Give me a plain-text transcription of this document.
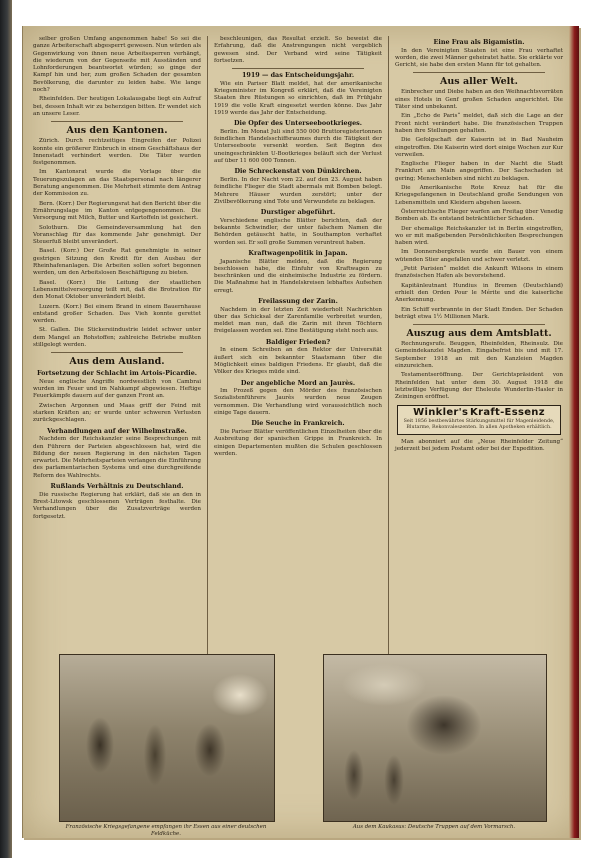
selber großen Umfang angenommen habe! So sei die ganze Arbeiterschaft abgesperrt gewesen. Nun würden als Gegenwirkung von ihnen neue Arbeitssperren verhängt, die wiederum von der Gegenseite mit Ausständen und Lohnforderungen beantwortet würden; so ginge der Kampf hin und her, zum großen Schaden der gesamten Bevölkerung, die darunter zu leiden habe. Wie lange noch?

Rheinfelden. Der heutigen Lokalausgabe liegt ein Aufruf bei, dessen Inhalt wir zu beherzigen bitten. Er wendet sich an unsere Leser.

Aus den Kantonen.

Zürich. Durch rechtzeitiges Eingreifen der Polizei konnte ein größerer Einbruch in einem Geschäftshaus der Innenstadt verhindert werden. Die Täter wurden festgenommen.

Im Kantonsrat wurde die Vorlage über die Teuerungszulagen an das Staatspersonal nach längerer Beratung angenommen. Die Mehrheit stimmte dem Antrag der Kommission zu.

Bern. (Korr.) Der Regierungsrat hat den Bericht über die Ernährungslage im Kanton entgegengenommen. Die Versorgung mit Milch, Butter und Kartoffeln ist gesichert.

Solothurn. Die Gemeindeversammlung hat den Voranschlag für das kommende Jahr genehmigt. Der Steuerfuß bleibt unverändert.

Basel. (Korr.) Der Große Rat genehmigte in seiner gestrigen Sitzung den Kredit für den Ausbau der Rheinhafenanlagen. Die Arbeiten sollen sofort begonnen werden, um den Arbeitslosen Beschäftigung zu bieten.

Basel. (Korr.) Die Leitung der staatlichen Lebensmittelversorgung teilt mit, daß die Brotration für den Monat Oktober unverändert bleibt.

Luzern. (Korr.) Bei einem Brand in einem Bauernhause entstand großer Schaden. Das Vieh konnte gerettet werden.

St. Gallen. Die Stickereiindustrie leidet schwer unter dem Mangel an Rohstoffen; zahlreiche Betriebe mußten stillgelegt werden.

Aus dem Ausland.
Fortsetzung der Schlacht im Artois-Picardie.

Neue englische Angriffe nordwestlich von Cambrai wurden im Feuer und im Nahkampf abgewiesen. Heftige Feuerkämpfe dauern auf der ganzen Front an.

Zwischen Argonnen und Maas griff der Feind mit starken Kräften an; er wurde unter schweren Verlusten zurückgeschlagen.

Verhandlungen auf der Wilhelmstraße.

Nachdem der Reichskanzler seine Besprechungen mit den Führern der Parteien abgeschlossen hat, wird die Bildung der neuen Regierung in den nächsten Tagen erwartet. Die Mehrheitsparteien verlangen die Einführung des parlamentarischen Systems und eine durchgreifende Reform des Wahlrechts.

Rußlands Verhältnis zu Deutschland.

Die russische Regierung hat erklärt, daß sie an den in Brest-Litowsk geschlossenen Verträgen festhalte. Die Verhandlungen über die Zusatzverträge werden fortgesetzt.

beschleunigen, das Resultat erzielt. So beweist die Erfahrung, daß die Anstrengungen nicht vergeblich gewesen sind. Der Verband wird seine Tätigkeit fortsetzen.

1919 — das Entscheidungsjahr.

Wie ein Pariser Blatt meldet, hat der amerikanische Kriegsminister im Kongreß erklärt, daß die Vereinigten Staaten ihre Rüstungen so einrichten, daß im Frühjahr 1919 die volle Kraft eingesetzt werden könne. Das Jahr 1919 werde das Jahr der Entscheidung.

Die Opfer des Unterseebootkrieges.

Berlin. Im Monat Juli sind 550 000 Bruttoregistertonnen feindlichen Handelsschiffsraumes durch die Tätigkeit der Unterseeboote versenkt worden. Seit Beginn des uneingeschränkten U-Bootkrieges beläuft sich der Verlust auf über 11 600 000 Tonnen.

Die Schreckenstat von Dünkirchen.

Berlin. In der Nacht vom 22. auf den 23. August haben feindliche Flieger die Stadt abermals mit Bomben belegt. Mehrere Häuser wurden zerstört; unter der Zivilbevölkerung sind Tote und Verwundete zu beklagen.

Durstiger abgeführt.

Verschiedene englische Blätter berichten, daß der bekannte Schwindler, der unter falschem Namen die Behörden getäuscht hatte, in Southampton verhaftet worden sei. Er soll große Summen veruntreut haben.

Kraftwagenpolitik in Japan.

Japanische Blätter melden, daß die Regierung beschlossen habe, die Einfuhr von Kraftwagen zu beschränken und die einheimische Industrie zu fördern. Die Maßnahme hat in Handelskreisen lebhaftes Aufsehen erregt.

Freilassung der Zarin.

Nachdem in der letzten Zeit wiederholt Nachrichten über das Schicksal der Zarenfamilie verbreitet wurden, meldet man nun, daß die Zarin mit ihren Töchtern freigelassen worden sei. Eine Bestätigung steht noch aus.

Baldiger Frieden?

In einem Schreiben an den Rektor der Universität äußert sich ein bekannter Staatsmann über die Möglichkeit eines baldigen Friedens. Er glaubt, daß die Völker des Krieges müde sind.

Der angebliche Mord an Jaurès.

Im Prozeß gegen den Mörder des französischen Sozialistenführers Jaurès wurden neue Zeugen vernommen. Die Verhandlung wird voraussichtlich noch einige Tage dauern.

Die Seuche in Frankreich.

Die Pariser Blätter veröffentlichen Einzelheiten über die Ausbreitung der spanischen Grippe in Frankreich. In einigen Departementen mußten die Schulen geschlossen werden.

Eine Frau als Bigamistin.

In den Vereinigten Staaten ist eine Frau verhaftet worden, die zwei Männer geheiratet hatte. Sie erklärte vor Gericht, sie habe den ersten Mann für tot gehalten.

Aus aller Welt.

Einbrecher und Diebe haben an den Weihnachtsvorräten eines Hotels in Genf großen Schaden angerichtet. Die Täter sind unbekannt.

Ein „Echo de Paris“ meldet, daß sich die Lage an der Front nicht verändert habe. Die französischen Truppen haben ihre Stellungen gehalten.

Die Gefolgschaft der Kaiserin ist in Bad Nauheim eingetroffen. Die Kaiserin wird dort einige Wochen zur Kur verweilen.

Englische Flieger haben in der Nacht die Stadt Frankfurt am Main angegriffen. Der Sachschaden ist gering; Menschenleben sind nicht zu beklagen.

Die Amerikanische Rote Kreuz hat für die Kriegsgefangenen in Deutschland große Sendungen von Lebensmitteln und Kleidern abgehen lassen.

Österreichische Flieger warfen am Freitag über Venedig Bomben ab. Es entstand beträchtlicher Schaden.

Der ehemalige Reichskanzler ist in Berlin eingetroffen, wo er mit maßgebenden Persönlichkeiten Besprechungen haben wird.

Im Donnersbergkreis wurde ein Bauer von einem wütenden Stier angefallen und schwer verletzt.

„Petit Parisien“ meldet die Ankunft Wilsons in einem französischen Hafen als bevorstehend.

Kapitänleutnant Hundius in Bremen (Deutschland) erhielt den Orden Pour le Mérite und die kaiserliche Anerkennung.

Ein Schiff verbrannte in der Stadt Emden. Der Schaden beträgt etwa 1½ Millionen Mark.

Auszug aus dem Amtsblatt.

Rechnungsrufe. Beuggen, Rheinfelden, Rheinsulz. Die Gemeindekanzlei Magden. Eingabefrist bis und mit 17. September 1918 an mit den Kanzleien Magden einzureichen.

Testamentseröffnung. Der Gerichtspräsident von Rheinfelden hat unter dem 30. August 1918 die letztwillige Verfügung der Eheleute Wunderlin-Hasler in Zeiningen eröffnet.

Winkler's Kraft-Essenz
Seit 1856 bestbewährtes Stärkungsmittel für Magenleidende, Blutarme, Rekonvaleszenten. In allen Apotheken erhältlich.

Man abonniert auf die „Neue Rheinfelder Zeitung“ jederzeit bei jedem Postamt oder bei der Expedition.

Französische Kriegsgefangene empfangen ihr Essen aus einer deutschen Feldküche.
Aus dem Kaukasus: Deutsche Truppen auf dem Vormarsch.
